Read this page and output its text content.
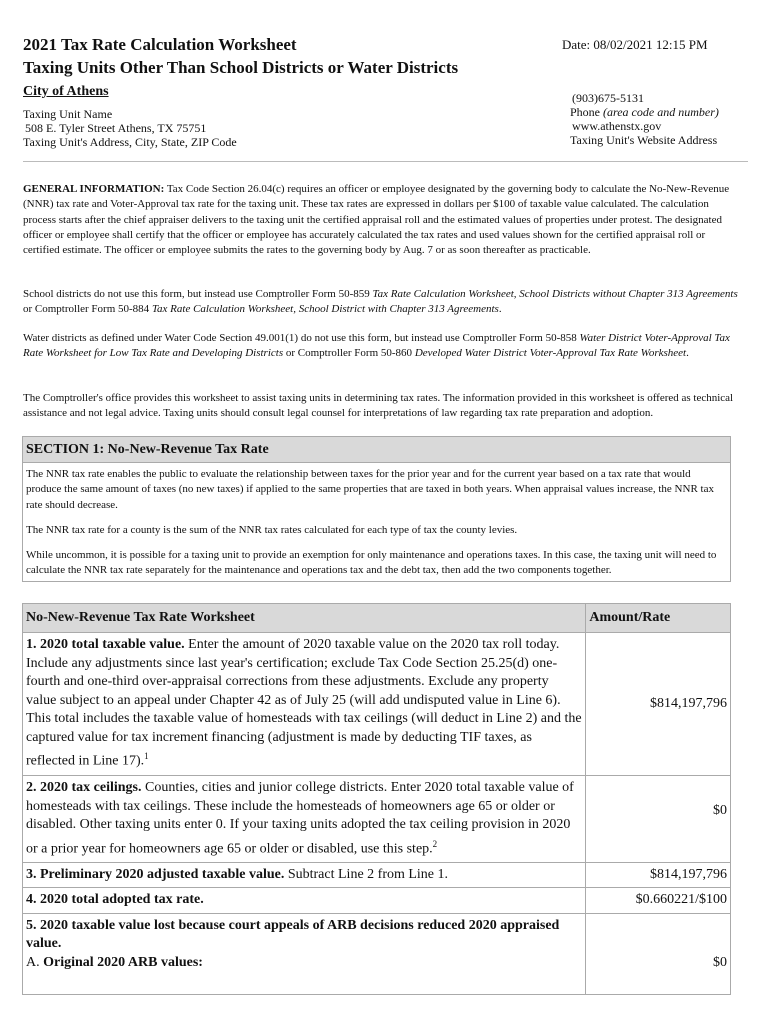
2021 Tax Rate Calculation Worksheet
Taxing Units Other Than School Districts or Water Districts
Date: 08/02/2021 12:15 PM
City of Athens
Taxing Unit Name
508 E. Tyler Street Athens, TX 75751
Taxing Unit's Address, City, State, ZIP Code
(903)675-5131
Phone (area code and number)
www.athenstx.gov
Taxing Unit's Website Address
GENERAL INFORMATION: Tax Code Section 26.04(c) requires an officer or employee designated by the governing body to calculate the No-New-Revenue (NNR) tax rate and Voter-Approval tax rate for the taxing unit. These tax rates are expressed in dollars per $100 of taxable value calculated. The calculation process starts after the chief appraiser delivers to the taxing unit the certified appraisal roll and the estimated values of properties under protest. The designated officer or employee shall certify that the officer or employee has accurately calculated the tax rates and used values shown for the certified appraisal roll or certified estimate. The officer or employee submits the rates to the governing body by Aug. 7 or as soon thereafter as practicable.
School districts do not use this form, but instead use Comptroller Form 50-859 Tax Rate Calculation Worksheet, School Districts without Chapter 313 Agreements or Comptroller Form 50-884 Tax Rate Calculation Worksheet, School District with Chapter 313 Agreements.
Water districts as defined under Water Code Section 49.001(1) do not use this form, but instead use Comptroller Form 50-858 Water District Voter-Approval Tax Rate Worksheet for Low Tax Rate and Developing Districts or Comptroller Form 50-860 Developed Water District Voter-Approval Tax Rate Worksheet.
The Comptroller's office provides this worksheet to assist taxing units in determining tax rates. The information provided in this worksheet is offered as technical assistance and not legal advice. Taxing units should consult legal counsel for interpretations of law regarding tax rate preparation and adoption.
SECTION 1: No-New-Revenue Tax Rate

The NNR tax rate enables the public to evaluate the relationship between taxes for the prior year and for the current year based on a tax rate that would produce the same amount of taxes (no new taxes) if applied to the same properties that are taxed in both years. When appraisal values increase, the NNR tax rate should decrease.

The NNR tax rate for a county is the sum of the NNR tax rates calculated for each type of tax the county levies.

While uncommon, it is possible for a taxing unit to provide an exemption for only maintenance and operations taxes. In this case, the taxing unit will need to calculate the NNR tax rate separately for the maintenance and operations tax and the debt tax, then add the two components together.

No-New-Revenue Tax Rate Worksheet	Amount/Rate
1. 2020 total taxable value. Enter the amount of 2020 taxable value on the 2020 tax roll today. Include any adjustments since last year's certification; exclude Tax Code Section 25.25(d) one-fourth and one-third over-appraisal corrections from these adjustments. Exclude any property value subject to an appeal under Chapter 42 as of July 25 (will add undisputed value in Line 6). This total includes the taxable value of homesteads with tax ceilings (will deduct in Line 2) and the captured value for tax increment financing (adjustment is made by deducting TIF taxes, as reflected in Line 17).$^1$	$814,197,796
2. 2020 tax ceilings. Counties, cities and junior college districts. Enter 2020 total taxable value of homesteads with tax ceilings. These include the homesteads of homeowners age 65 or older or disabled. Other taxing units enter 0. If your taxing units adopted the tax ceiling provision in 2020 or a prior year for homeowners age 65 or older or disabled, use this step.$^2$	$0
3. Preliminary 2020 adjusted taxable value. Subtract Line 2 from Line 1.	$814,197,796
4. 2020 total adopted tax rate.	$0.660221/$100
5. 2020 taxable value lost because court appeals of ARB decisions reduced 2020 appraised value.
A. Original 2020 ARB values:	$0
